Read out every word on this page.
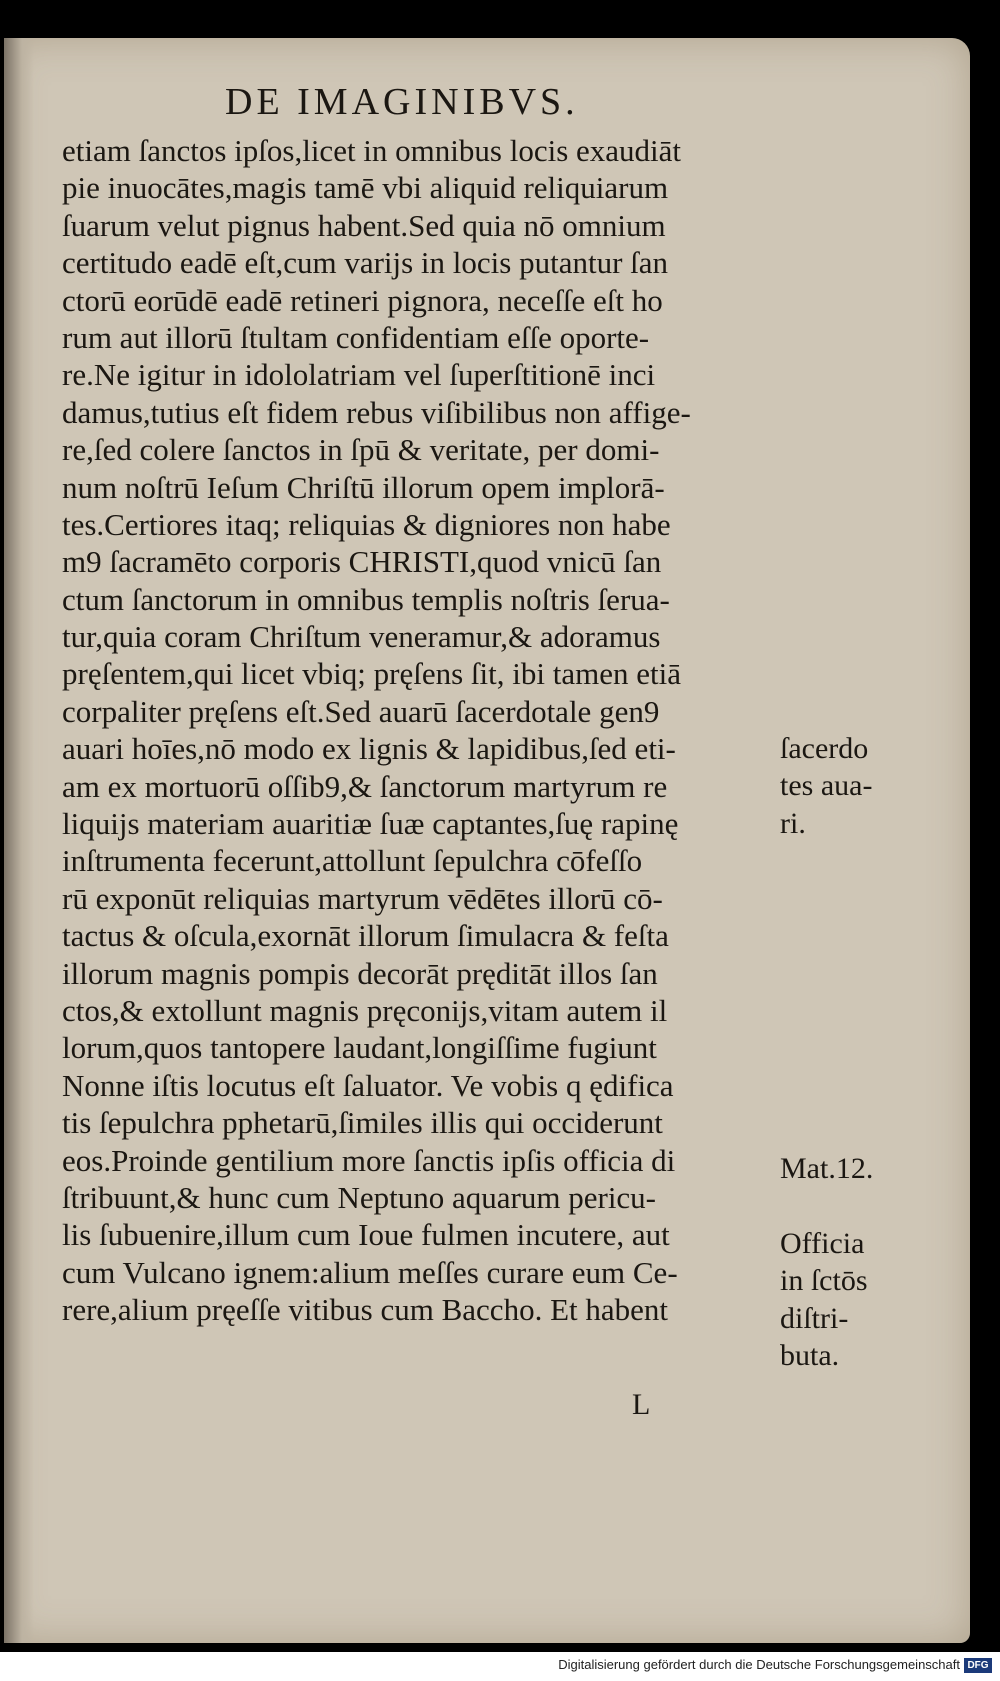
DE IMAGINIBVS.
etiam ſanctos ipſos,licet in omnibus locis exaudiāt
pie inuocātes,magis tamē vbi aliquid reliquiarum
ſuarum velut pignus habent.Sed quia nō omnium
certitudo eadē eſt,cum varijs in locis putantur ſan
ctorū eorūdē eadē retineri pignora, neceſſe eſt ho
rum aut illorū ſtultam confidentiam eſſe oporte-
re.Ne igitur in idololatriam vel ſuperſtitionē inci
damus,tutius eſt fidem rebus viſibilibus non affige-
re,ſed colere ſanctos in ſpū & veritate, per domi-
num noſtrū Ieſum Chriſtū illorum opem implorā-
tes.Certiores itaq; reliquias & digniores non habe
m9 ſacramēto corporis CHRISTI,quod vnicū ſan
ctum ſanctorum in omnibus templis noſtris ſerua-
tur,quia coram Chriſtum veneramur,& adoramus
pręſentem,qui licet vbiq; pręſens ſit, ibi tamen etiā
corpaliter pręſens eſt.Sed auarū ſacerdotale gen9
auari hoīes,nō modo ex lignis & lapidibus,ſed eti-
am ex mortuorū oſſib9,& ſanctorum martyrum re
liquijs materiam auaritiæ ſuæ captantes,ſuę rapinę
inſtrumenta fecerunt,attollunt ſepulchra cōfeſſo
rū exponūt reliquias martyrum vēdētes illorū cō-
tactus & oſcula,exornāt illorum ſimulacra & feſta
illorum magnis pompis decorāt pręditāt illos ſan
ctos,& extollunt magnis pręconijs,vitam autem il
lorum,quos tantopere laudant,longiſſime fugiunt
Nonne iſtis locutus eſt ſaluator. Ve vobis q ędifica
tis ſepulchra pphetarū,ſimiles illis qui occiderunt
eos.Proinde gentilium more ſanctis ipſis officia di
ſtribuunt,& hunc cum Neptuno aquarum pericu-
lis ſubuenire,illum cum Ioue fulmen incutere, aut
cum Vulcano ignem:alium meſſes curare eum Ce-
rere,alium pręeſſe vitibus cum Baccho. Et habent
ſacerdo
tes aua-
ri.
Mat.12.
Officia
in ſctōs
diſtri-
buta.
L
Digitalisierung gefördert durch die Deutsche Forschungsgemeinschaft DFG
